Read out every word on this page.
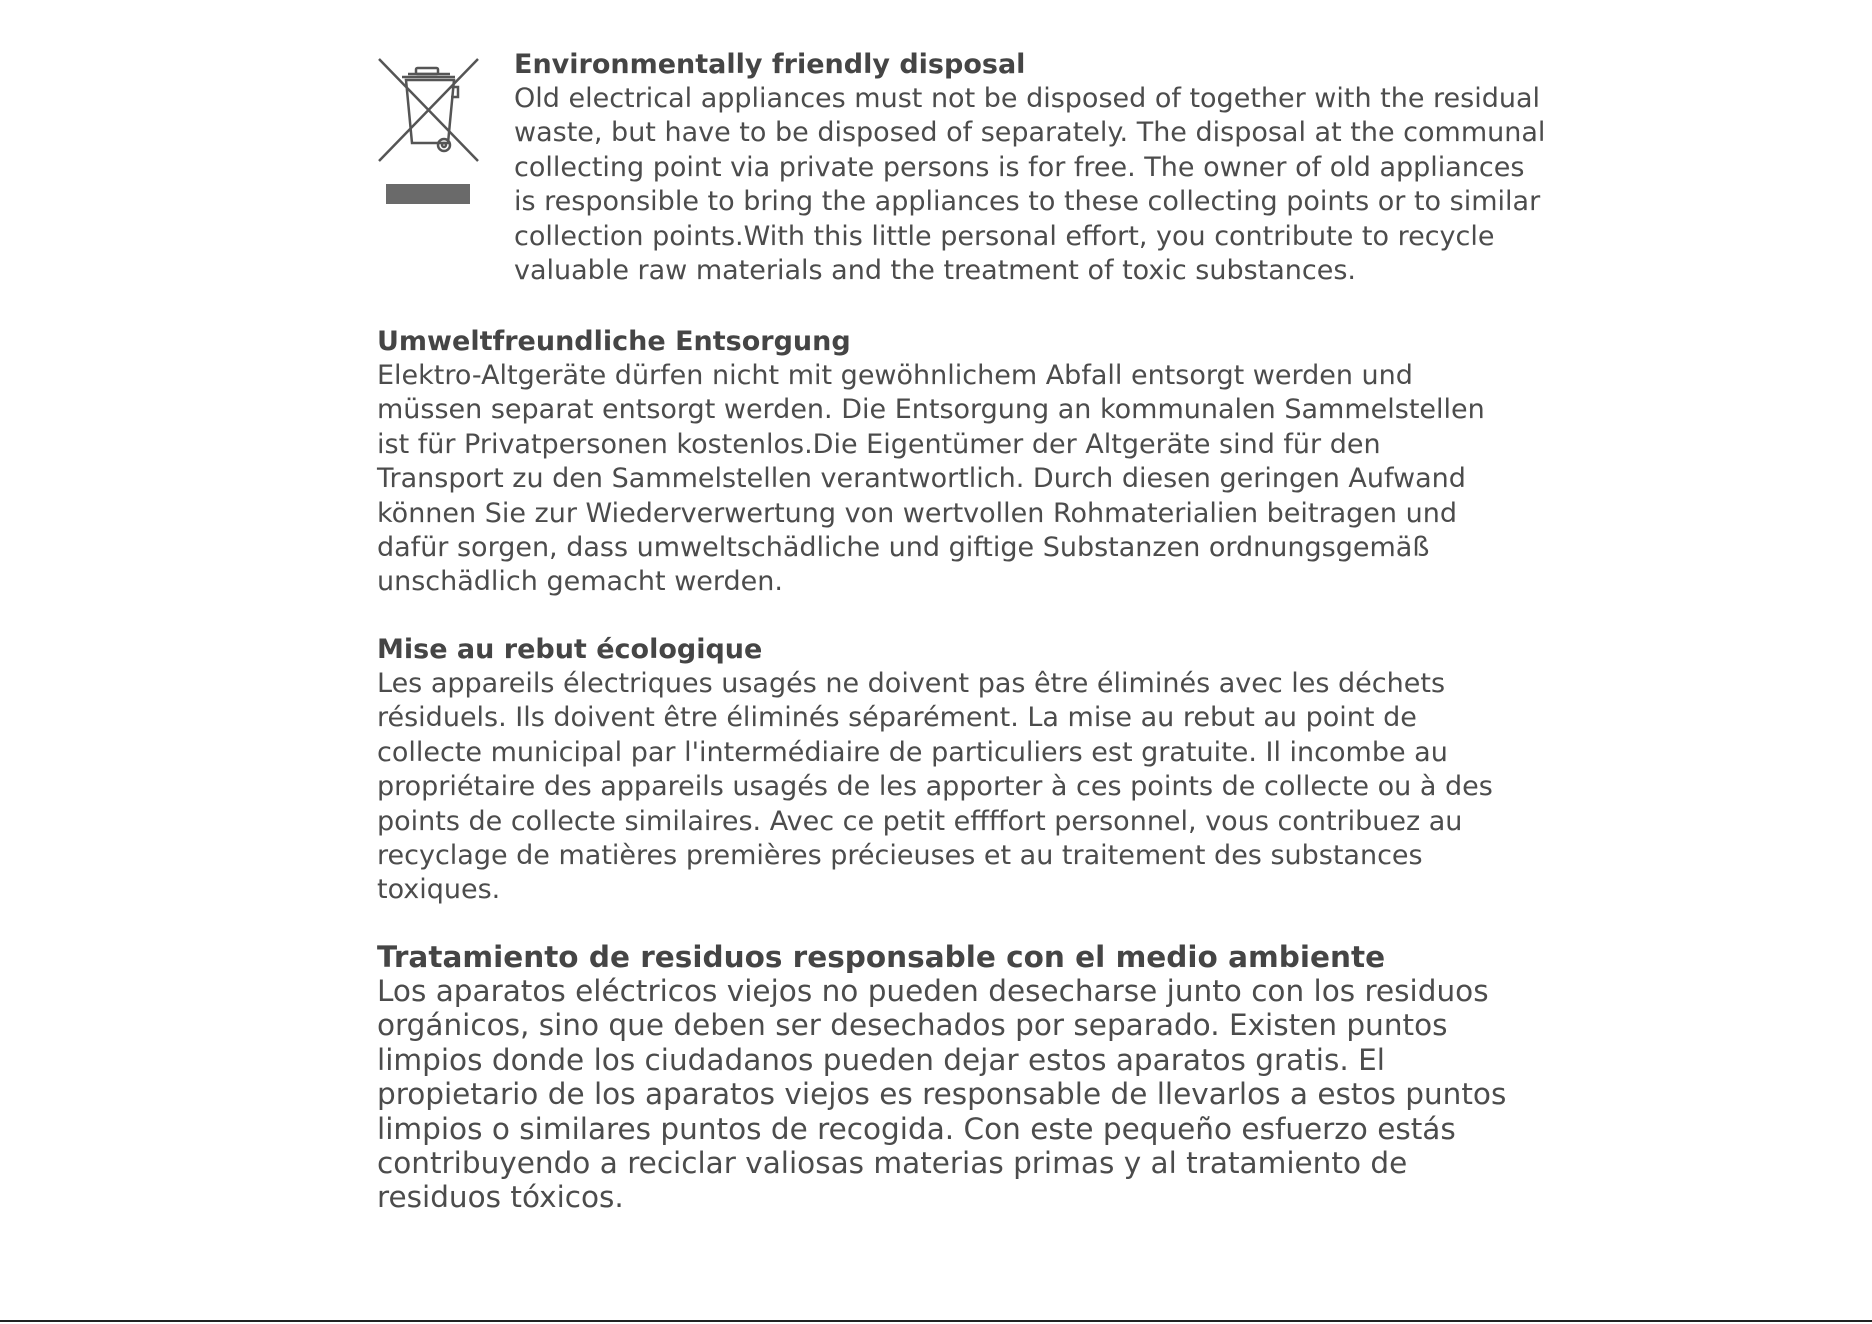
Environmentally friendly disposal
Old electrical appliances must not be disposed of together with the residual
waste, but have to be disposed of separately. The disposal at the communal
collecting point via private persons is for free. The owner of old appliances
is responsible to bring the appliances to these collecting points or to similar
collection points.With this little personal effort, you contribute to recycle
valuable raw materials and the treatment of toxic substances.
Umweltfreundliche Entsorgung
Elektro-Altgeräte dürfen nicht mit gewöhnlichem Abfall entsorgt werden und
müssen separat entsorgt werden. Die Entsorgung an kommunalen Sammelstellen
ist für Privatpersonen kostenlos.Die Eigentümer der Altgeräte sind für den
Transport zu den Sammelstellen verantwortlich. Durch diesen geringen Aufwand
können Sie zur Wiederverwertung von wertvollen Rohmaterialien beitragen und
dafür sorgen, dass umweltschädliche und giftige Substanzen ordnungsgemäß
unschädlich gemacht werden.
Mise au rebut écologique
Les appareils électriques usagés ne doivent pas être éliminés avec les déchets
résiduels. Ils doivent être éliminés séparément. La mise au rebut au point de
collecte municipal par l'intermédiaire de particuliers est gratuite. Il incombe au
propriétaire des appareils usagés de les apporter à ces points de collecte ou à des
points de collecte similaires. Avec ce petit effffort personnel, vous contribuez au
recyclage de matières premières précieuses et au traitement des substances
toxiques.
Tratamiento de residuos responsable con el medio ambiente
Los aparatos eléctricos viejos no pueden desecharse junto con los residuos
orgánicos, sino que deben ser desechados por separado. Existen puntos
limpios donde los ciudadanos pueden dejar estos aparatos gratis. El
propietario de los aparatos viejos es responsable de llevarlos a estos puntos
limpios o similares puntos de recogida. Con este pequeño esfuerzo estás
contribuyendo a reciclar valiosas materias primas y al tratamiento de
residuos tóxicos.
